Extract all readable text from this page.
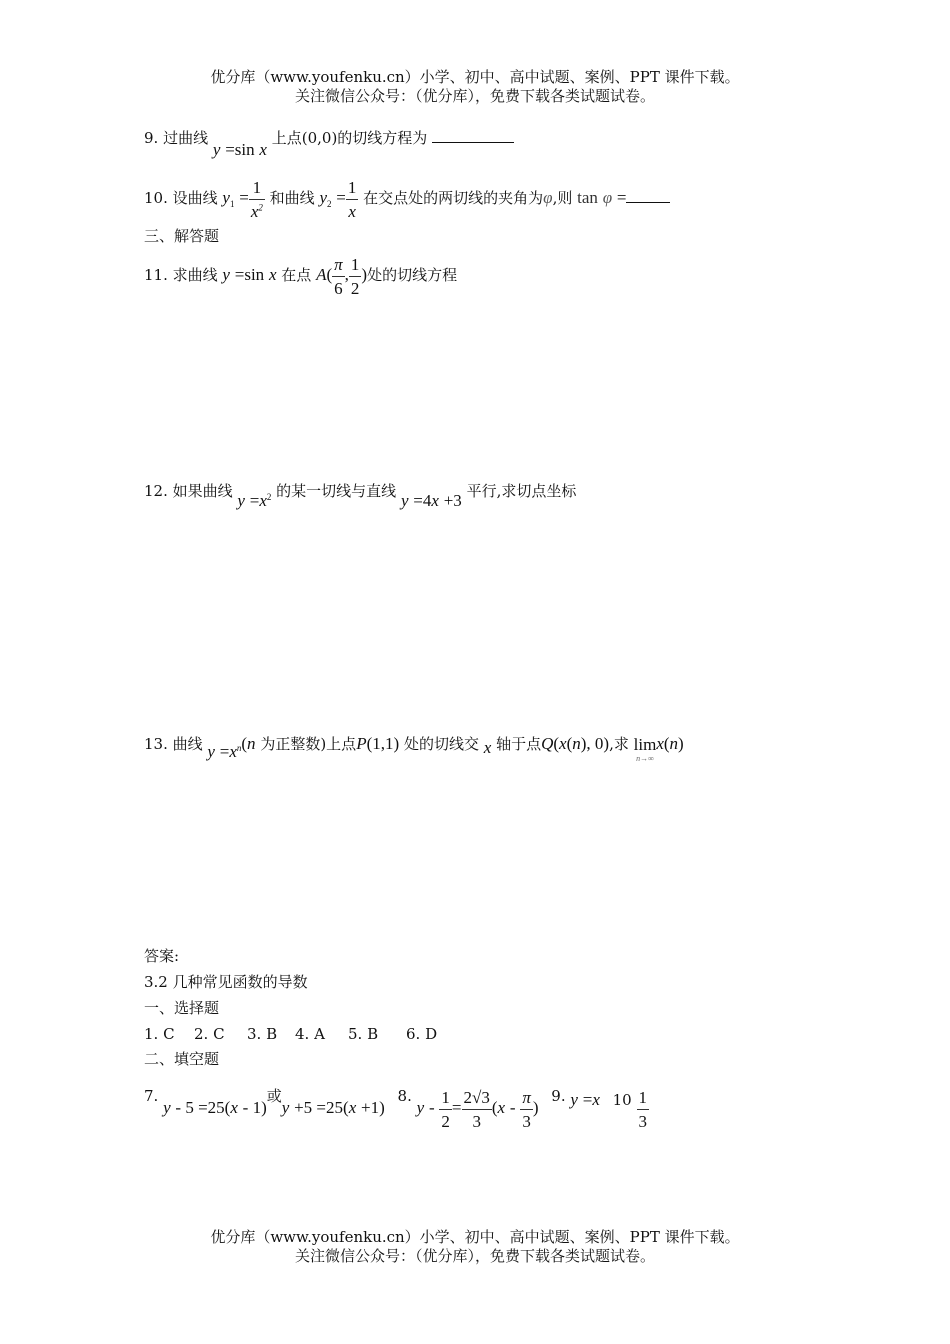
优分库（www.youfenku.cn）小学、初中、高中试题、案例、PPT 课件下载。
关注微信公众号：（优分库），免费下载各类试题试卷。
9. 过曲线 y =sin x 上点(0,0)的切线方程为
10. 设曲线 $y_1 = \frac{1}{x^2}$ 和曲线 $y_2 = \frac{1}{x}$ 在交点处的两切线的夹角为φ,则 tan φ =
三、解答题
11. 求曲线 y =sin x 在点 $A( \frac{\pi}{6}$ , $\frac{1}{2}$ )处的切线方程
12. 如果曲线 $y =x^2$ 的某一切线与直线 y =4x +3 平行,求切点坐标
13. 曲线 $y =x^n(n$ 为正整数)上点P(1,1) 处的切线交 x 轴于点Q(x(n), 0),求 lim
n→∞
x(n)
答案:
3.2 几种常见函数的导数
一、选择题
1. C 2. C 3. B 4. A 5. B 6. D
二、填空题
7. y - 5 =25(x - 1)或y +5 =25(x +1) 8. $y - \frac{1}{2} = \frac{2√3}{3} (x - \frac{\pi}{3}$ ) 9. y =x $10 \frac{1}{3}$
优分库（www.youfenku.cn）小学、初中、高中试题、案例、PPT 课件下载。
关注微信公众号：（优分库），免费下载各类试题试卷。
